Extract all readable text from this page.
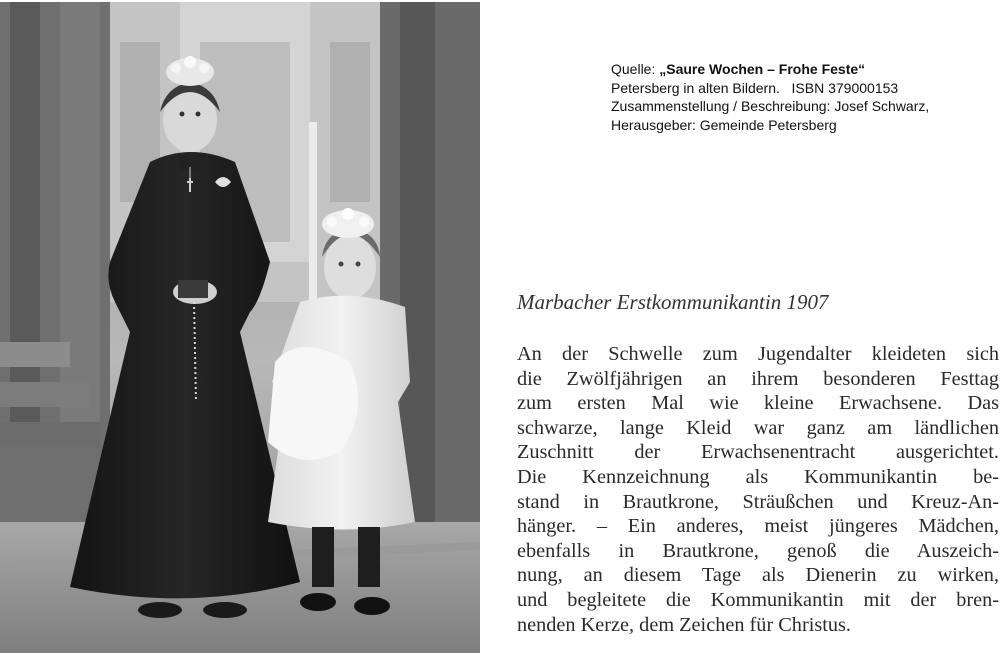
Quelle: „Saure Wochen – Frohe Feste“
Petersberg in alten Bildern.   ISBN 379000153
Zusammenstellung / Beschreibung: Josef Schwarz,
Herausgeber: Gemeinde Petersberg
Marbacher Erstkommunikantin 1907
An der Schwelle zum Jugendalter kleideten sich
die Zwölfjährigen an ihrem besonderen Festtag
zum ersten Mal wie kleine Erwachsene. Das
schwarze, lange Kleid war ganz am ländlichen
Zuschnitt der Erwachsenentracht ausgerichtet.
Die Kennzeichnung als Kommunikantin be-
stand in Brautkrone, Sträußchen und Kreuz-An-
hänger. – Ein anderes, meist jüngeres Mädchen,
ebenfalls in Brautkrone, genoß die Auszeich-
nung, an diesem Tage als Dienerin zu wirken,
und begleitete die Kommunikantin mit der bren-
nenden Kerze, dem Zeichen für Christus.
